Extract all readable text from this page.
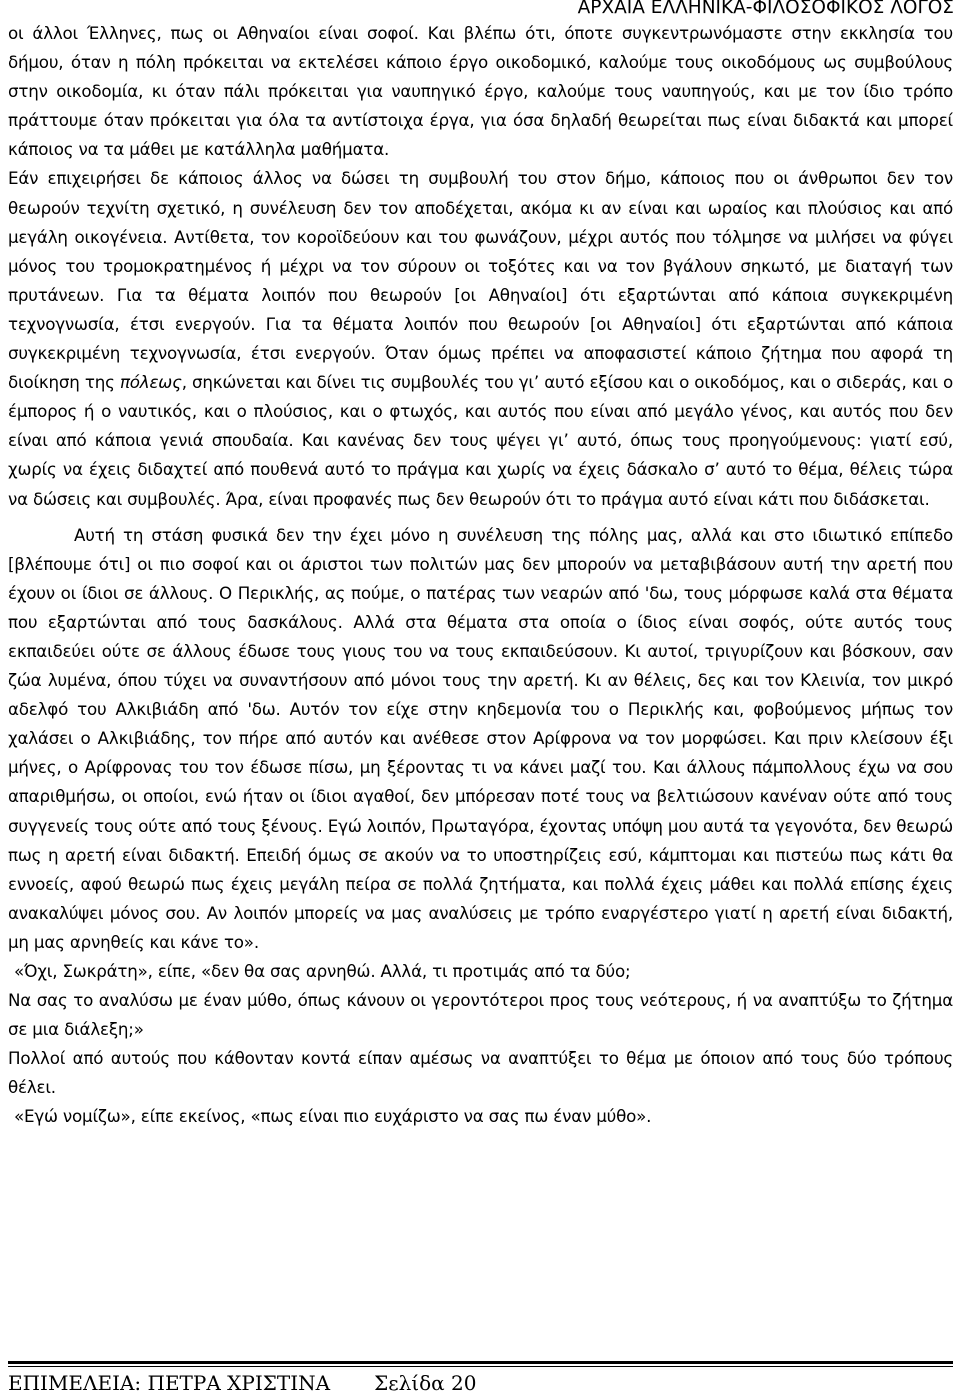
ΑΡΧΑΙΑ ΕΛΛΗΝΙΚΑ-ΦΙΛΟΣΟΦΙΚΟΣ ΛΟΓΟΣ

οι άλλοι Έλληνες, πως οι Αθηναίοι είναι σοφοί. Και βλέπω ότι, όποτε συγκεντρωνόμαστε στην εκκλησία του δήμου, όταν η πόλη πρόκειται να εκτελέσει κάποιο έργο οικοδομικό, καλούμε τους οικοδόμους ως συμβούλους στην οικοδομία, κι όταν πάλι πρόκειται για ναυπηγικό έργο, καλούμε τους ναυπηγούς, και με τον ίδιο τρόπο πράττουμε όταν πρόκειται για όλα τα αντίστοιχα έργα, για όσα δηλαδή θεωρείται πως είναι διδακτά και μπορεί κάποιος να τα μάθει με κατάλληλα μαθήματα.

Εάν επιχειρήσει δε κάποιος άλλος να δώσει τη συμβουλή του στον δήμο, κάποιος που οι άνθρωποι δεν τον θεωρούν τεχνίτη σχετικό, η συνέλευση δεν τον αποδέχεται, ακόμα κι αν είναι και ωραίος και πλούσιος και από μεγάλη οικογένεια. Αντίθετα, τον κοροϊδεύουν και του φωνάζουν, μέχρι αυτός που τόλμησε να μιλήσει να φύγει μόνος του τρομοκρατημένος ή μέχρι να τον σύρουν οι τοξότες και να τον βγάλουν σηκωτό, με διαταγή των πρυτάνεων. Για τα θέματα λοιπόν που θεωρούν [οι Αθηναίοι] ότι εξαρτώνται από κάποια συγκεκριμένη τεχνογνωσία, έτσι ενεργούν. Για τα θέματα λοιπόν που θεωρούν [οι Αθηναίοι] ότι εξαρτώνται από κάποια συγκεκριμένη τεχνογνωσία, έτσι ενεργούν. Όταν όμως πρέπει να αποφασιστεί κάποιο ζήτημα που αφορά τη διοίκηση της πόλεως, σηκώνεται και δίνει τις συμβουλές του γι’ αυτό εξίσου και ο οικοδόμος, και ο σιδεράς, και ο έμπορος ή ο ναυτικός, και ο πλούσιος, και ο φτωχός, και αυτός που είναι από μεγάλο γένος, και αυτός που δεν είναι από κάποια γενιά σπουδαία. Και κανένας δεν τους ψέγει γι’ αυτό, όπως τους προηγούμενους: γιατί εσύ, χωρίς να έχεις διδαχτεί από πουθενά αυτό το πράγμα και χωρίς να έχεις δάσκαλο σ’ αυτό το θέμα, θέλεις τώρα να δώσεις και συμβουλές. Άρα, είναι προφανές πως δεν θεωρούν ότι το πράγμα αυτό είναι κάτι που διδάσκεται.

Αυτή τη στάση φυσικά δεν την έχει μόνο η συνέλευση της πόλης μας, αλλά και στο ιδιωτικό επίπεδο [βλέπουμε ότι] οι πιο σοφοί και οι άριστοι των πολιτών μας δεν μπορούν να μεταβιβάσουν αυτή την αρετή που έχουν οι ίδιοι σε άλλους. Ο Περικλής, ας πούμε, ο πατέρας των νεαρών από 'δω, τους μόρφωσε καλά στα θέματα που εξαρτώνται από τους δασκάλους. Αλλά στα θέματα στα οποία ο ίδιος είναι σοφός, ούτε αυτός τους εκπαιδεύει ούτε σε άλλους έδωσε τους γιους του να τους εκπαιδεύσουν. Κι αυτοί, τριγυρίζουν και βόσκουν, σαν ζώα λυμένα, όπου τύχει να συναντήσουν από μόνοι τους την αρετή. Κι αν θέλεις, δες και τον Κλεινία, τον μικρό αδελφό του Αλκιβιάδη από 'δω. Αυτόν τον είχε στην κηδεμονία του ο Περικλής και, φοβούμενος μήπως τον χαλάσει ο Αλκιβιάδης, τον πήρε από αυτόν και ανέθεσε στον Αρίφρονα να τον μορφώσει. Και πριν κλείσουν έξι μήνες, ο Αρίφρονας του τον έδωσε πίσω, μη ξέροντας τι να κάνει μαζί του. Και άλλους πάμπολλους έχω να σου απαριθμήσω, οι οποίοι, ενώ ήταν οι ίδιοι αγαθοί, δεν μπόρεσαν ποτέ τους να βελτιώσουν κανέναν ούτε από τους συγγενείς τους ούτε από τους ξένους. Εγώ λοιπόν, Πρωταγόρα, έχοντας υπόψη μου αυτά τα γεγονότα, δεν θεωρώ πως η αρετή είναι διδακτή. Επειδή όμως σε ακούν να το υποστηρίζεις εσύ, κάμπτομαι και πιστεύω πως κάτι θα εννοείς, αφού θεωρώ πως έχεις μεγάλη πείρα σε πολλά ζητήματα, και πολλά έχεις μάθει και πολλά επίσης έχεις ανακαλύψει μόνος σου. Αν λοιπόν μπορείς να μας αναλύσεις με τρόπο εναργέστερο γιατί η αρετή είναι διδακτή, μη μας αρνηθείς και κάνε το».

«Όχι, Σωκράτη», είπε, «δεν θα σας αρνηθώ. Αλλά, τι προτιμάς από τα δύο;

Να σας το αναλύσω με έναν μύθο, όπως κάνουν οι γεροντότεροι προς τους νεότερους, ή να αναπτύξω το ζήτημα σε μια διάλεξη;»

Πολλοί από αυτούς που κάθονταν κοντά είπαν αμέσως να αναπτύξει το θέμα με όποιον από τους δύο τρόπους θέλει.

«Εγώ νομίζω», είπε εκείνος, «πως είναι πιο ευχάριστο να σας πω έναν μύθο».

ΕΠΙΜΕΛΕΙΑ: ΠΕΤΡΑ ΧΡΙΣΤΙΝΑ Σελίδα 20
